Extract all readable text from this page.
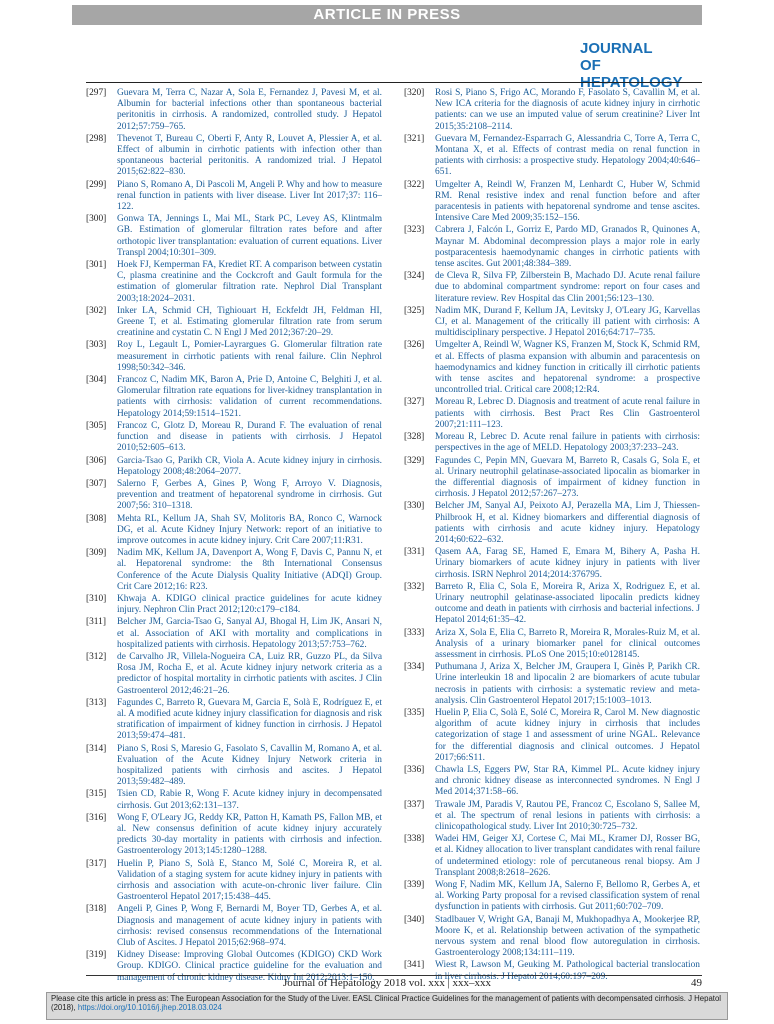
ARTICLE IN PRESS
JOURNAL
OF HEPATOLOGY
[297] Guevara M, Terra C, Nazar A, Sola E, Fernandez J, Pavesi M, et al. Albumin for bacterial infections other than spontaneous bacterial peritonitis in cirrhosis. A randomized, controlled study. J Hepatol 2012;57:759–765.
[298] Thevenot T, Bureau C, Oberti F, Anty R, Louvet A, Plessier A, et al. Effect of albumin in cirrhotic patients with infection other than spontaneous bacterial peritonitis. A randomized trial. J Hepatol 2015;62:822–830.
[299] Piano S, Romano A, Di Pascoli M, Angeli P. Why and how to measure renal function in patients with liver disease. Liver Int 2017;37: 116–122.
[300] Gonwa TA, Jennings L, Mai ML, Stark PC, Levey AS, Klintmalm GB. Estimation of glomerular filtration rates before and after orthotopic liver transplantation: evaluation of current equations. Liver Transpl 2004;10:301–309.
[301] Hoek FJ, Kemperman FA, Krediet RT. A comparison between cystatin C, plasma creatinine and the Cockcroft and Gault formula for the estimation of glomerular filtration rate. Nephrol Dial Transplant 2003;18:2024–2031.
[302] Inker LA, Schmid CH, Tighiouart H, Eckfeldt JH, Feldman HI, Greene T, et al. Estimating glomerular filtration rate from serum creatinine and cystatin C. N Engl J Med 2012;367:20–29.
[303] Roy L, Legault L, Pomier-Layrargues G. Glomerular filtration rate measurement in cirrhotic patients with renal failure. Clin Nephrol 1998;50:342–346.
[304] Francoz C, Nadim MK, Baron A, Prie D, Antoine C, Belghiti J, et al. Glomerular filtration rate equations for liver-kidney transplantation in patients with cirrhosis: validation of current recommendations. Hepatology 2014;59:1514–1521.
[305] Francoz C, Glotz D, Moreau R, Durand F. The evaluation of renal function and disease in patients with cirrhosis. J Hepatol 2010;52:605–613.
[306] Garcia-Tsao G, Parikh CR, Viola A. Acute kidney injury in cirrhosis. Hepatology 2008;48:2064–2077.
[307] Salerno F, Gerbes A, Gines P, Wong F, Arroyo V. Diagnosis, prevention and treatment of hepatorenal syndrome in cirrhosis. Gut 2007;56: 310–1318.
[308] Mehta RL, Kellum JA, Shah SV, Molitoris BA, Ronco C, Warnock DG, et al. Acute Kidney Injury Network: report of an initiative to improve outcomes in acute kidney injury. Crit Care 2007;11:R31.
[309] Nadim MK, Kellum JA, Davenport A, Wong F, Davis C, Pannu N, et al. Hepatorenal syndrome: the 8th International Consensus Conference of the Acute Dialysis Quality Initiative (ADQI) Group. Crit Care 2012;16: R23.
[310] Khwaja A. KDIGO clinical practice guidelines for acute kidney injury. Nephron Clin Pract 2012;120:c179–c184.
[311] Belcher JM, Garcia-Tsao G, Sanyal AJ, Bhogal H, Lim JK, Ansari N, et al. Association of AKI with mortality and complications in hospitalized patients with cirrhosis. Hepatology 2013;57:753–762.
[312] de Carvalho JR, Villela-Nogueira CA, Luiz RR, Guzzo PL, da Silva Rosa JM, Rocha E, et al. Acute kidney injury network criteria as a predictor of hospital mortality in cirrhotic patients with ascites. J Clin Gastroenterol 2012;46:21–26.
[313] Fagundes C, Barreto R, Guevara M, Garcia E, Solà E, Rodríguez E, et al. A modified acute kidney injury classification for diagnosis and risk stratification of impairment of kidney function in cirrhosis. J Hepatol 2013;59:474–481.
[314] Piano S, Rosi S, Maresio G, Fasolato S, Cavallin M, Romano A, et al. Evaluation of the Acute Kidney Injury Network criteria in hospitalized patients with cirrhosis and ascites. J Hepatol 2013;59:482–489.
[315] Tsien CD, Rabie R, Wong F. Acute kidney injury in decompensated cirrhosis. Gut 2013;62:131–137.
[316] Wong F, O'Leary JG, Reddy KR, Patton H, Kamath PS, Fallon MB, et al. New consensus definition of acute kidney injury accurately predicts 30-day mortality in patients with cirrhosis and infection. Gastroenterology 2013;145:1280–1288.
[317] Huelin P, Piano S, Solà E, Stanco M, Solé C, Moreira R, et al. Validation of a staging system for acute kidney injury in patients with cirrhosis and association with acute-on-chronic liver failure. Clin Gastroenterol Hepatol 2017;15:438–445.
[318] Angeli P, Gines P, Wong F, Bernardi M, Boyer TD, Gerbes A, et al. Diagnosis and management of acute kidney injury in patients with cirrhosis: revised consensus recommendations of the International Club of Ascites. J Hepatol 2015;62:968–974.
[319] Kidney Disease: Improving Global Outcomes (KDIGO) CKD Work Group. KDIGO. Clinical practice guideline for the evaluation and management of chronic kidney disease. Kidny Int 2012;2013:1–150.
[320] Rosi S, Piano S, Frigo AC, Morando F, Fasolato S, Cavallin M, et al. New ICA criteria for the diagnosis of acute kidney injury in cirrhotic patients: can we use an imputed value of serum creatinine? Liver Int 2015;35:2108–2114.
[321] Guevara M, Fernandez-Esparrach G, Alessandria C, Torre A, Terra C, Montana X, et al. Effects of contrast media on renal function in patients with cirrhosis: a prospective study. Hepatology 2004;40:646–651.
[322] Umgelter A, Reindl W, Franzen M, Lenhardt C, Huber W, Schmid RM. Renal resistive index and renal function before and after paracentesis in patients with hepatorenal syndrome and tense ascites. Intensive Care Med 2009;35:152–156.
[323] Cabrera J, Falcón L, Gorriz E, Pardo MD, Granados R, Quinones A, Maynar M. Abdominal decompression plays a major role in early postparacentesis haemodynamic changes in cirrhotic patients with tense ascites. Gut 2001;48:384–389.
[324] de Cleva R, Silva FP, Zilberstein B, Machado DJ. Acute renal failure due to abdominal compartment syndrome: report on four cases and literature review. Rev Hospital das Clin 2001;56:123–130.
[325] Nadim MK, Durand F, Kellum JA, Levitsky J, O'Leary JG, Karvellas CJ, et al. Management of the critically ill patient with cirrhosis: A multidisciplinary perspective. J Hepatol 2016;64:717–735.
[326] Umgelter A, Reindl W, Wagner KS, Franzen M, Stock K, Schmid RM, et al. Effects of plasma expansion with albumin and paracentesis on haemodynamics and kidney function in critically ill cirrhotic patients with tense ascites and hepatorenal syndrome: a prospective uncontrolled trial. Critical care 2008;12:R4.
[327] Moreau R, Lebrec D. Diagnosis and treatment of acute renal failure in patients with cirrhosis. Best Pract Res Clin Gastroenterol 2007;21:111–123.
[328] Moreau R, Lebrec D. Acute renal failure in patients with cirrhosis: perspectives in the age of MELD. Hepatology 2003;37:233–243.
[329] Fagundes C, Pepin MN, Guevara M, Barreto R, Casals G, Sola E, et al. Urinary neutrophil gelatinase-associated lipocalin as biomarker in the differential diagnosis of impairment of kidney function in cirrhosis. J Hepatol 2012;57:267–273.
[330] Belcher JM, Sanyal AJ, Peixoto AJ, Perazella MA, Lim J, Thiessen-Philbrook H, et al. Kidney biomarkers and differential diagnosis of patients with cirrhosis and acute kidney injury. Hepatology 2014;60:622–632.
[331] Qasem AA, Farag SE, Hamed E, Emara M, Bihery A, Pasha H. Urinary biomarkers of acute kidney injury in patients with liver cirrhosis. ISRN Nephrol 2014;2014:376795.
[332] Barreto R, Elia C, Sola E, Moreira R, Ariza X, Rodriguez E, et al. Urinary neutrophil gelatinase-associated lipocalin predicts kidney outcome and death in patients with cirrhosis and bacterial infections. J Hepatol 2014;61:35–42.
[333] Ariza X, Sola E, Elia C, Barreto R, Moreira R, Morales-Ruiz M, et al. Analysis of a urinary biomarker panel for clinical outcomes assessment in cirrhosis. PLoS One 2015;10:e0128145.
[334] Puthumana J, Ariza X, Belcher JM, Graupera I, Ginès P, Parikh CR. Urine interleukin 18 and lipocalin 2 are biomarkers of acute tubular necrosis in patients with cirrhosis: a systematic review and meta-analysis. Clin Gastroenterol Hepatol 2017;15:1003–1013.
[335] Huelin P, Elia C, Solà E, Solé C, Moreira R, Carol M. New diagnostic algorithm of acute kidney injury in cirrhosis that includes categorization of stage 1 and assessment of urine NGAL. Relevance for the differential diagnosis and clinical outcomes. J Hepatol 2017;66:S11.
[336] Chawla LS, Eggers PW, Star RA, Kimmel PL. Acute kidney injury and chronic kidney disease as interconnected syndromes. N Engl J Med 2014;371:58–66.
[337] Trawale JM, Paradis V, Rautou PE, Francoz C, Escolano S, Sallee M, et al. The spectrum of renal lesions in patients with cirrhosis: a clinicopathological study. Liver Int 2010;30:725–732.
[338] Wadei HM, Geiger XJ, Cortese C, Mai ML, Kramer DJ, Rosser BG, et al. Kidney allocation to liver transplant candidates with renal failure of undetermined etiology: role of percutaneous renal biopsy. Am J Transplant 2008;8:2618–2626.
[339] Wong F, Nadim MK, Kellum JA, Salerno F, Bellomo R, Gerbes A, et al. Working Party proposal for a revised classification system of renal dysfunction in patients with cirrhosis. Gut 2011;60:702–709.
[340] Stadlbauer V, Wright GA, Banaji M, Mukhopadhya A, Mookerjee RP, Moore K, et al. Relationship between activation of the sympathetic nervous system and renal blood flow autoregulation in cirrhosis. Gastroenterology 2008;134:111–119.
[341] Wiest R, Lawson M, Geuking M. Pathological bacterial translocation in liver cirrhosis. J Hepatol 2014;60:197–209.
Journal of Hepatology 2018 vol. xxx | xxx–xxx	49
Please cite this article in press as: The European Association for the Study of the Liver. EASL Clinical Practice Guidelines for the management of patients with decompensated cirrhosis. J Hepatol (2018), https://doi.org/10.1016/j.jhep.2018.03.024
